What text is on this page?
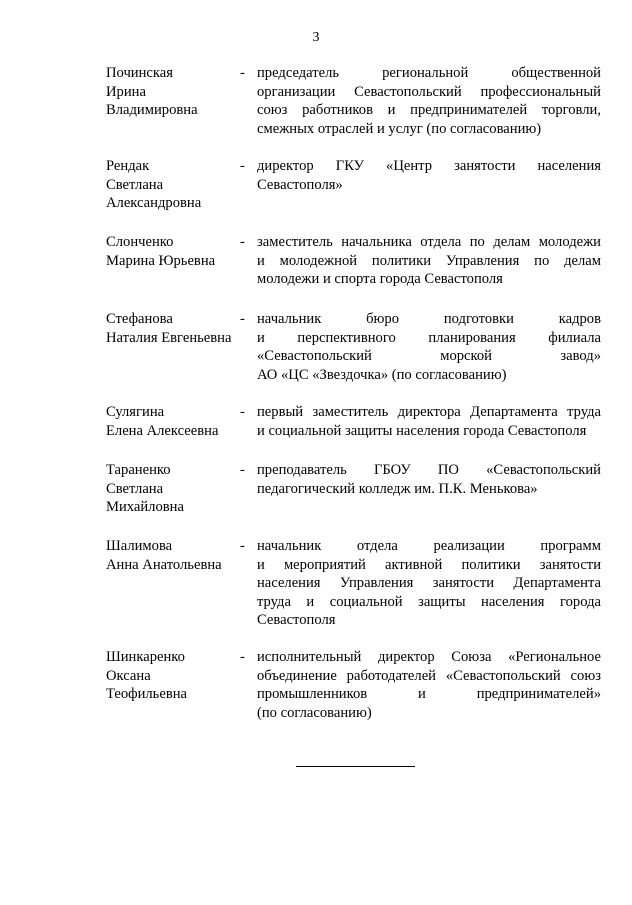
3
Починская
Ирина
Владимировна
- председатель региональной общественной
организации Севастопольский профессиональный
союз работников и предпринимателей торговли,
смежных отраслей и услуг (по согласованию)
Рендак
Светлана
Александровна
- директор ГКУ «Центр занятости населения
Севастополя»
Слонченко
Марина Юрьевна
- заместитель начальника отдела по делам молодежи
и молодежной политики Управления по делам
молодежи и спорта города Севастополя
Стефанова
Наталия Евгеньевна
- начальник бюро подготовки кадров
и перспективного планирования филиала
«Севастопольский морской завод»
АО «ЦС «Звездочка» (по согласованию)
Сулягина
Елена Алексеевна
- первый заместитель директора Департамента труда
и социальной защиты населения города Севастополя
Тараненко
Светлана
Михайловна
- преподаватель ГБОУ ПО «Севастопольский
педагогический колледж им. П.К. Менькова»
Шалимова
Анна Анатольевна
- начальник отдела реализации программ
и мероприятий активной политики занятости
населения Управления занятости Департамента
труда и социальной защиты населения города
Севастополя
Шинкаренко
Оксана
Теофильевна
- исполнительный директор Союза «Региональное
объединение работодателей «Севастопольский союз
промышленников и предпринимателей»
(по согласованию)
